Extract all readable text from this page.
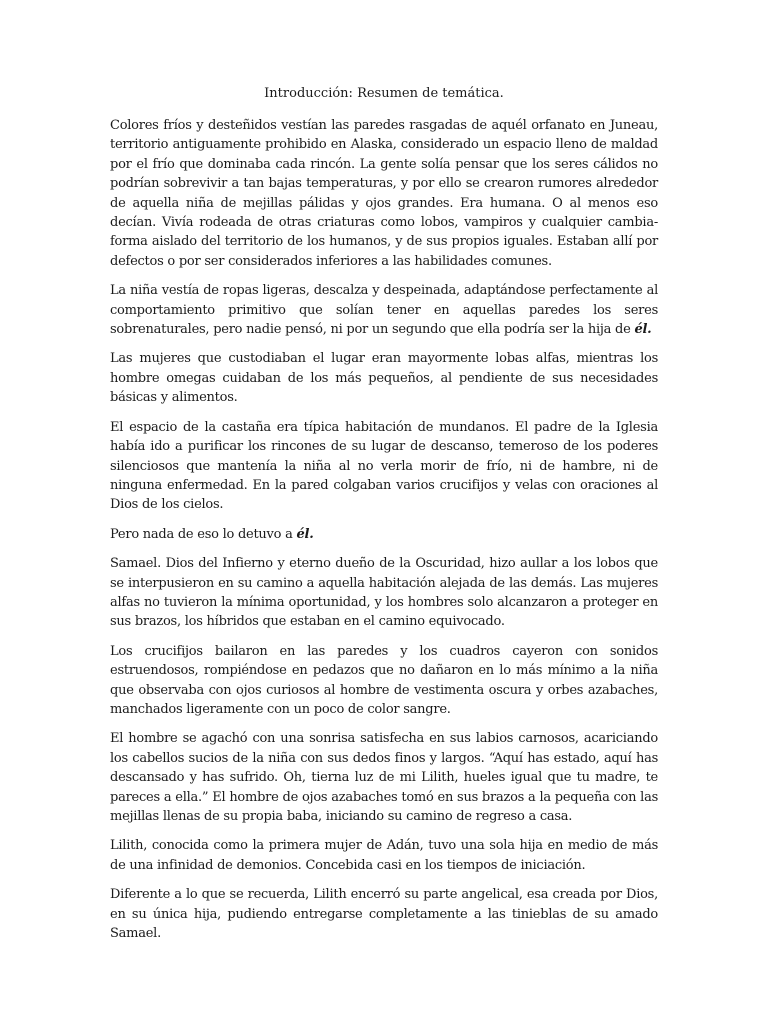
Introducción: Resumen de temática.

Colores fríos y desteñidos vestían las paredes rasgadas de aquél orfanato en Juneau, territorio antiguamente prohibido en Alaska, considerado un espacio lleno de maldad por el frío que dominaba cada rincón. La gente solía pensar que los seres cálidos no podrían sobrevivir a tan bajas temperaturas, y por ello se crearon rumores alrededor de aquella niña de mejillas pálidas y ojos grandes. Era humana. O al menos eso decían. Vivía rodeada de otras criaturas como lobos, vampiros y cualquier cambia-forma aislado del territorio de los humanos, y de sus propios iguales. Estaban allí por defectos o por ser considerados inferiores a las habilidades comunes.

La niña vestía de ropas ligeras, descalza y despeinada, adaptándose perfectamente al comportamiento primitivo que solían tener en aquellas paredes los seres sobrenaturales, pero nadie pensó, ni por un segundo que ella podría ser la hija de él.

Las mujeres que custodiaban el lugar eran mayormente lobas alfas, mientras los hombre omegas cuidaban de los más pequeños, al pendiente de sus necesidades básicas y alimentos.

El espacio de la castaña era típica habitación de mundanos. El padre de la Iglesia había ido a purificar los rincones de su lugar de descanso, temeroso de los poderes silenciosos que mantenía la niña al no verla morir de frío, ni de hambre, ni de ninguna enfermedad. En la pared colgaban varios crucifijos y velas con oraciones al Dios de los cielos.

Pero nada de eso lo detuvo a él.

Samael. Dios del Infierno y eterno dueño de la Oscuridad, hizo aullar a los lobos que se interpusieron en su camino a aquella habitación alejada de las demás. Las mujeres alfas no tuvieron la mínima oportunidad, y los hombres solo alcanzaron a proteger en sus brazos, los híbridos que estaban en el camino equivocado.

Los crucifijos bailaron en las paredes y los cuadros cayeron con sonidos estruendosos, rompiéndose en pedazos que no dañaron en lo más mínimo a la niña que observaba con ojos curiosos al hombre de vestimenta oscura y orbes azabaches, manchados ligeramente con un poco de color sangre.

El hombre se agachó con una sonrisa satisfecha en sus labios carnosos, acariciando los cabellos sucios de la niña con sus dedos finos y largos. “Aquí has estado, aquí has descansado y has sufrido. Oh, tierna luz de mi Lilith, hueles igual que tu madre, te pareces a ella.” El hombre de ojos azabaches tomó en sus brazos a la pequeña con las mejillas llenas de su propia baba, iniciando su camino de regreso a casa.

Lilith, conocida como la primera mujer de Adán, tuvo una sola hija en medio de más de una infinidad de demonios. Concebida casi en los tiempos de iniciación.

Diferente a lo que se recuerda, Lilith encerró su parte angelical, esa creada por Dios, en su única hija, pudiendo entregarse completamente a las tinieblas de su amado Samael.
